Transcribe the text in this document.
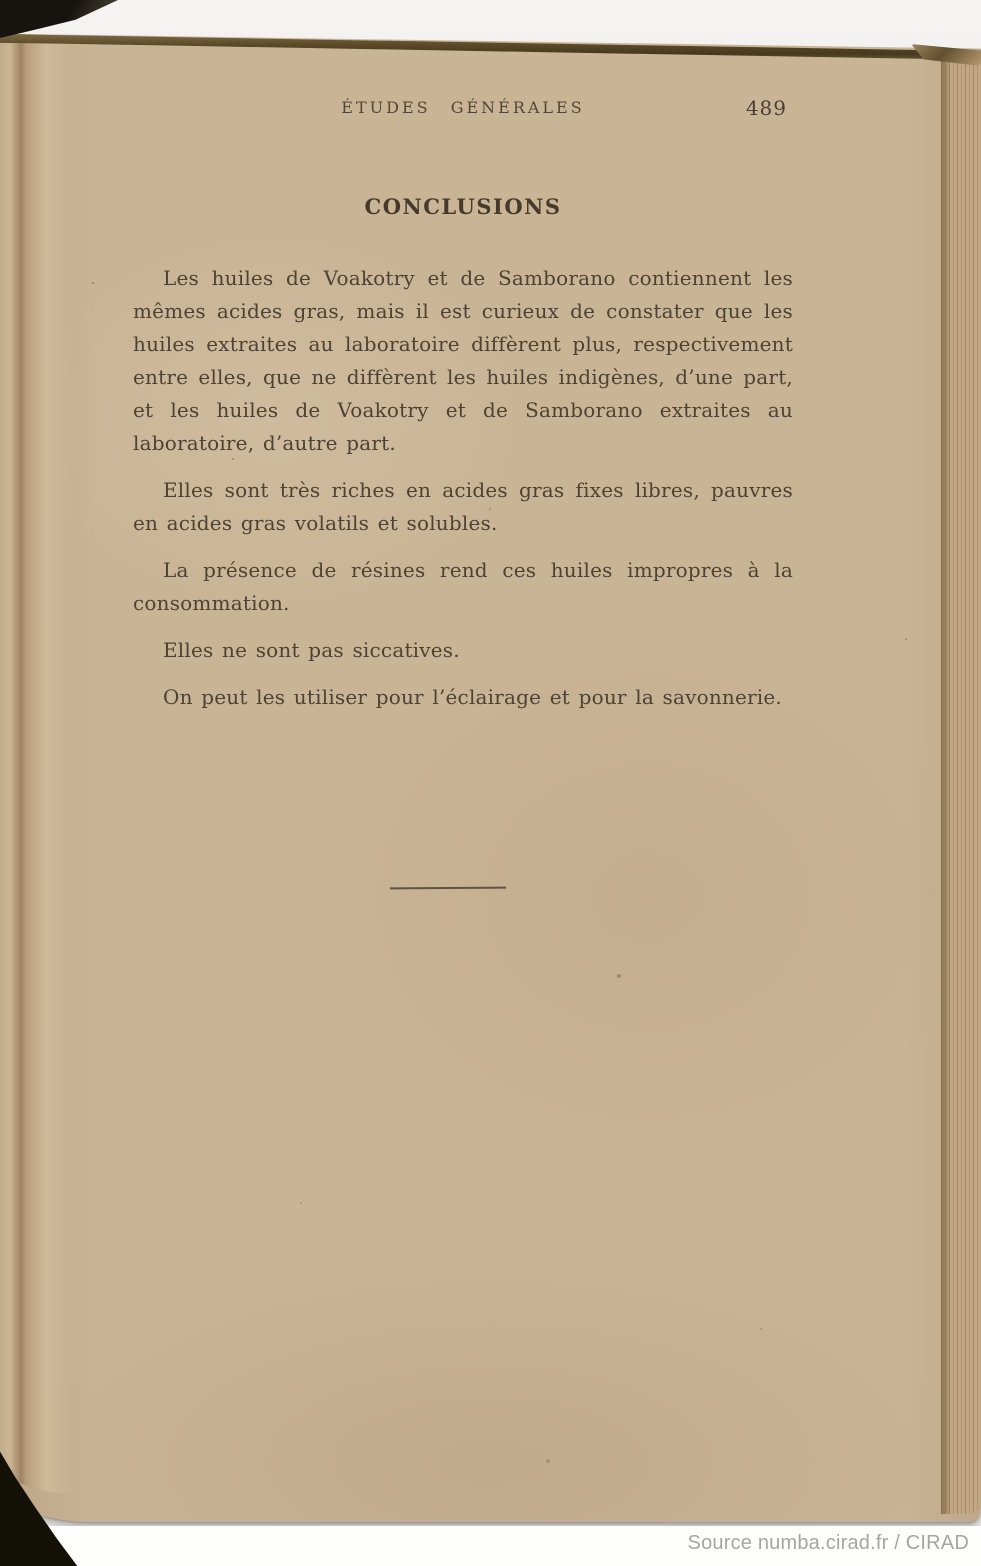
ÉTUDES GÉNÉRALES	489
CONCLUSIONS

Les huiles de Voakotry et de Samborano contiennent les mêmes acides gras, mais il est curieux de constater que les huiles extraites au laboratoire diffèrent plus, respectivement entre elles, que ne diffèrent les huiles indigènes, d’une part, et les huiles de Voakotry et de Samborano extraites au laboratoire, d’autre part.

Elles sont très riches en acides gras fixes libres, pauvres en acides gras volatils et solubles.

La présence de résines rend ces huiles impropres à la consommation.

Elles ne sont pas siccatives.

On peut les utiliser pour l’éclairage et pour la savonnerie.

Source numba.cirad.fr / CIRAD
